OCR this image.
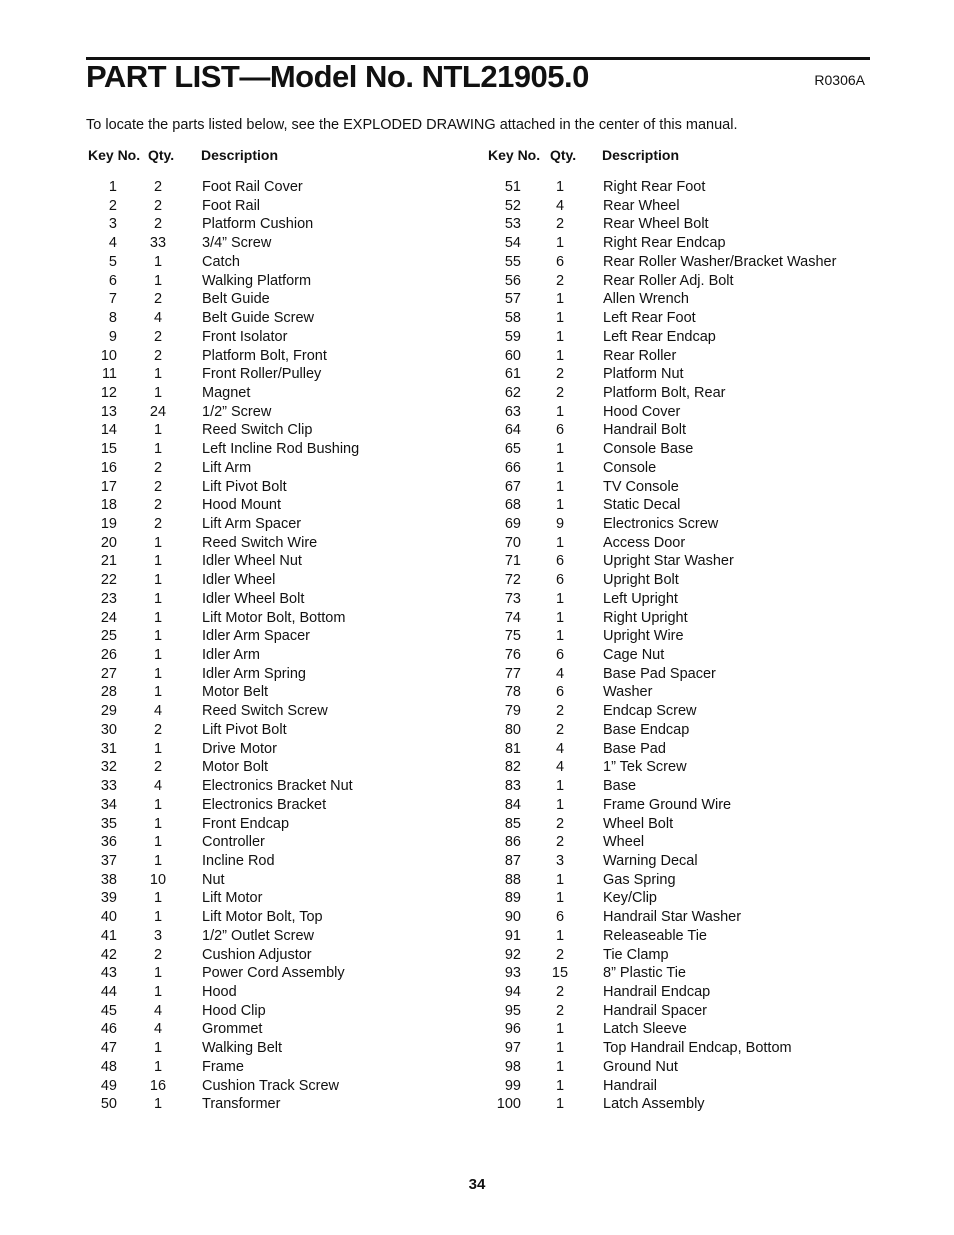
PART LIST—Model No. NTL21905.0	R0306A
To locate the parts listed below, see the EXPLODED DRAWING attached in the center of this manual.
Key No. Qty. Description	Key No. Qty. Description
1	2	Foot Rail Cover
2	2	Foot Rail
3	2	Platform Cushion
4	33	3/4” Screw
5	1	Catch
6	1	Walking Platform
7	2	Belt Guide
8	4	Belt Guide Screw
9	2	Front Isolator
10	2	Platform Bolt, Front
11	1	Front Roller/Pulley
12	1	Magnet
13	24	1/2” Screw
14	1	Reed Switch Clip
15	1	Left Incline Rod Bushing
16	2	Lift Arm
17	2	Lift Pivot Bolt
18	2	Hood Mount
19	2	Lift Arm Spacer
20	1	Reed Switch Wire
21	1	Idler Wheel Nut
22	1	Idler Wheel
23	1	Idler Wheel Bolt
24	1	Lift Motor Bolt, Bottom
25	1	Idler Arm Spacer
26	1	Idler Arm
27	1	Idler Arm Spring
28	1	Motor Belt
29	4	Reed Switch Screw
30	2	Lift Pivot Bolt
31	1	Drive Motor
32	2	Motor Bolt
33	4	Electronics Bracket Nut
34	1	Electronics Bracket
35	1	Front Endcap
36	1	Controller
37	1	Incline Rod
38	10	Nut
39	1	Lift Motor
40	1	Lift Motor Bolt, Top
41	3	1/2” Outlet Screw
42	2	Cushion Adjustor
43	1	Power Cord Assembly
44	1	Hood
45	4	Hood Clip
46	4	Grommet
47	1	Walking Belt
48	1	Frame
49	16	Cushion Track Screw
50	1	Transformer
51	1	Right Rear Foot
52	4	Rear Wheel
53	2	Rear Wheel Bolt
54	1	Right Rear Endcap
55	6	Rear Roller Washer/Bracket Washer
56	2	Rear Roller Adj. Bolt
57	1	Allen Wrench
58	1	Left Rear Foot
59	1	Left Rear Endcap
60	1	Rear Roller
61	2	Platform Nut
62	2	Platform Bolt, Rear
63	1	Hood Cover
64	6	Handrail Bolt
65	1	Console Base
66	1	Console
67	1	TV Console
68	1	Static Decal
69	9	Electronics Screw
70	1	Access Door
71	6	Upright Star Washer
72	6	Upright Bolt
73	1	Left Upright
74	1	Right Upright
75	1	Upright Wire
76	6	Cage Nut
77	4	Base Pad Spacer
78	6	Washer
79	2	Endcap Screw
80	2	Base Endcap
81	4	Base Pad
82	4	1” Tek Screw
83	1	Base
84	1	Frame Ground Wire
85	2	Wheel Bolt
86	2	Wheel
87	3	Warning Decal
88	1	Gas Spring
89	1	Key/Clip
90	6	Handrail Star Washer
91	1	Releaseable Tie
92	2	Tie Clamp
93	15	8” Plastic Tie
94	2	Handrail Endcap
95	2	Handrail Spacer
96	1	Latch Sleeve
97	1	Top Handrail Endcap, Bottom
98	1	Ground Nut
99	1	Handrail
100	1	Latch Assembly
34
